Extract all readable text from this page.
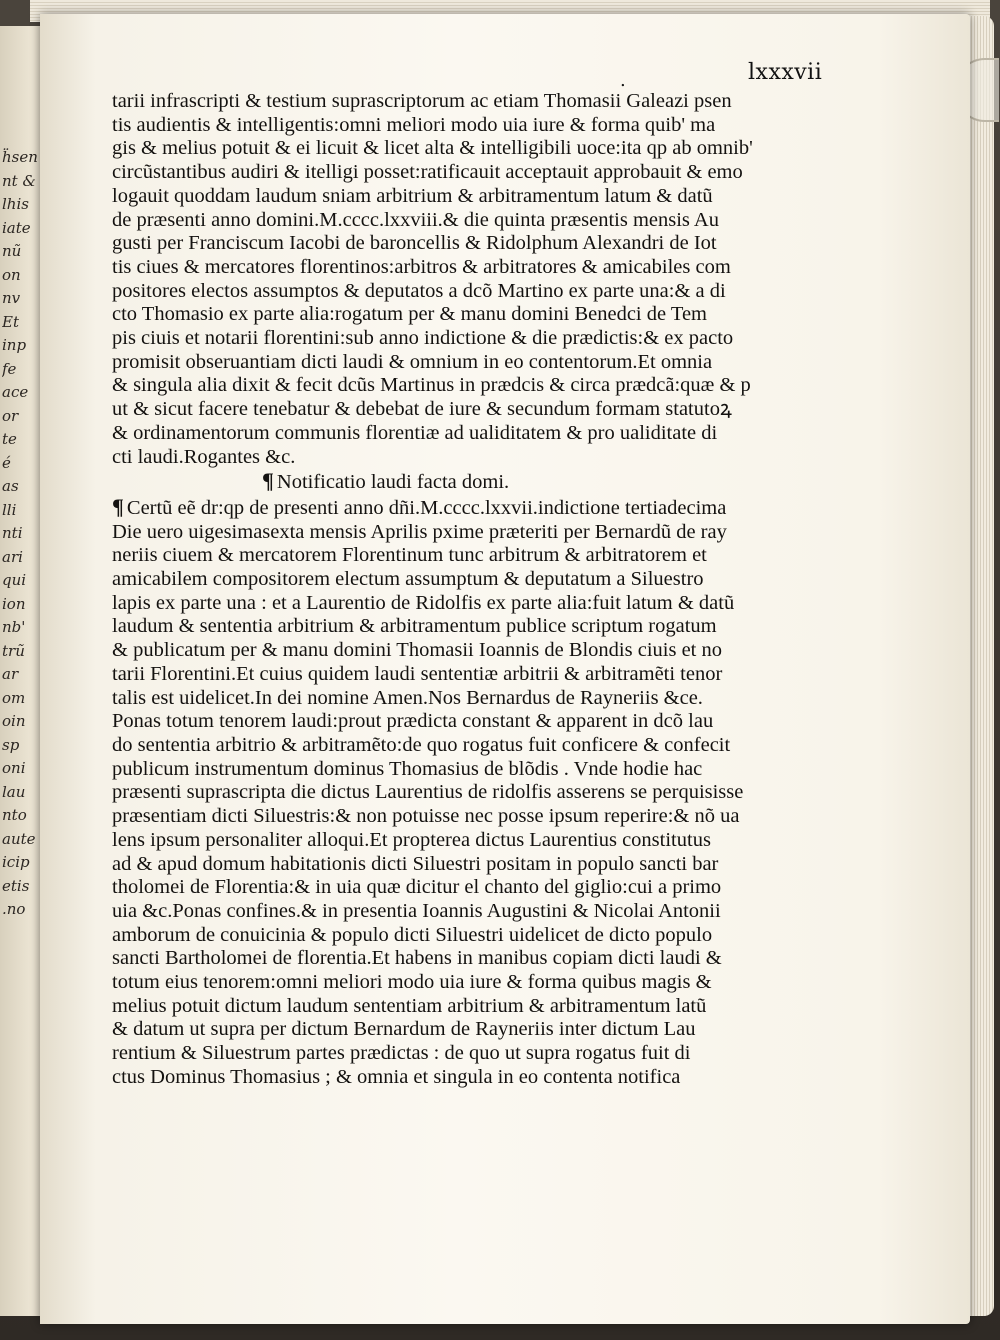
ḧsen
nt &
lhis
iate
nũ
on
nv
Et
inp
fe
ace
or
te
é
as
lli
nti
ari
qui
ion
nb'
trũ
ar
om
oin
sp
oni
lau
nto
aute
icip
etis
.no
.	lxxxvii
tarii infrascripti & testium suprascriptorum ac etiam Thomasii Galeazi psen
tis audientis & intelligentis:omni meliori modo uia iure & forma quib' ma
gis & melius potuit & ei licuit & licet alta & intelligibili uoce:ita qp ab omnib'
circũstantibus audiri & itelligi posset:ratificauit acceptauit approbauit & emo
logauit quoddam laudum sniam arbitrium & arbitramentum latum & datũ
de præsenti anno domini.M.cccc.lxxviii.& die quinta præsentis mensis Au
gusti per Franciscum Iacobi de baroncellis & Ridolphum Alexandri de Iot
tis ciues & mercatores florentinos:arbitros & arbitratores & amicabiles com
positores electos assumptos & deputatos a dcõ Martino ex parte una:& a di
cto Thomasio ex parte alia:rogatum per & manu domini Benedci de Tem
pis ciuis et notarii florentini:sub anno indictione & die prædictis:& ex pacto
promisit obseruantiam dicti laudi & omnium in eo contentorum.Et omnia
& singula alia dixit & fecit dcũs Martinus in prædcis & circa prædcã:quæ & p
ut & sicut facere tenebatur & debebat de iure & secundum formam statutoꝝ
& ordinamentorum communis florentiæ ad ualiditatem & pro ualiditate di
cti laudi.Rogantes &c.
¶ Notificatio laudi facta domi.
¶ Certũ eẽ dr:qp de presenti anno dñi.M.cccc.lxxvii.indictione tertiadecima
Die uero uigesimasexta mensis Aprilis pxime præteriti per Bernardũ de ray
neriis ciuem & mercatorem Florentinum tunc arbitrum & arbitratorem et
amicabilem compositorem electum assumptum & deputatum a Siluestro
lapis ex parte una : et a Laurentio de Ridolfis ex parte alia:fuit latum & datũ
laudum & sententia arbitrium & arbitramentum publice scriptum rogatum
& publicatum per & manu domini Thomasii Ioannis de Blondis ciuis et no
tarii Florentini.Et cuius quidem laudi sententiæ arbitrii & arbitramẽti tenor
talis est uidelicet.In dei nomine Amen.Nos Bernardus de Rayneriis &ce.
Ponas totum tenorem laudi:prout prædicta constant & apparent in dcõ lau
do sententia arbitrio & arbitramẽto:de quo rogatus fuit conficere & confecit
publicum instrumentum dominus Thomasius de blõdis . Vnde hodie hac
præsenti suprascripta die dictus Laurentius de ridolfis asserens se perquisisse
præsentiam dicti Siluestris:& non potuisse nec posse ipsum reperire:& nõ ua
lens ipsum personaliter alloqui.Et propterea dictus Laurentius constitutus
ad & apud domum habitationis dicti Siluestri positam in populo sancti bar
tholomei de Florentia:& in uia quæ dicitur el chanto del giglio:cui a primo
uia &c.Ponas confines.& in presentia Ioannis Augustini & Nicolai Antonii
amborum de conuicinia & populo dicti Siluestri uidelicet de dicto populo
sancti Bartholomei de florentia.Et habens in manibus copiam dicti laudi &
totum eius tenorem:omni meliori modo uia iure & forma quibus magis &
melius potuit dictum laudum sententiam arbitrium & arbitramentum latũ
& datum ut supra per dictum Bernardum de Rayneriis inter dictum Lau
rentium & Siluestrum partes prædictas : de quo ut supra rogatus fuit di
ctus Dominus Thomasius ; & omnia et singula in eo contenta notifica
